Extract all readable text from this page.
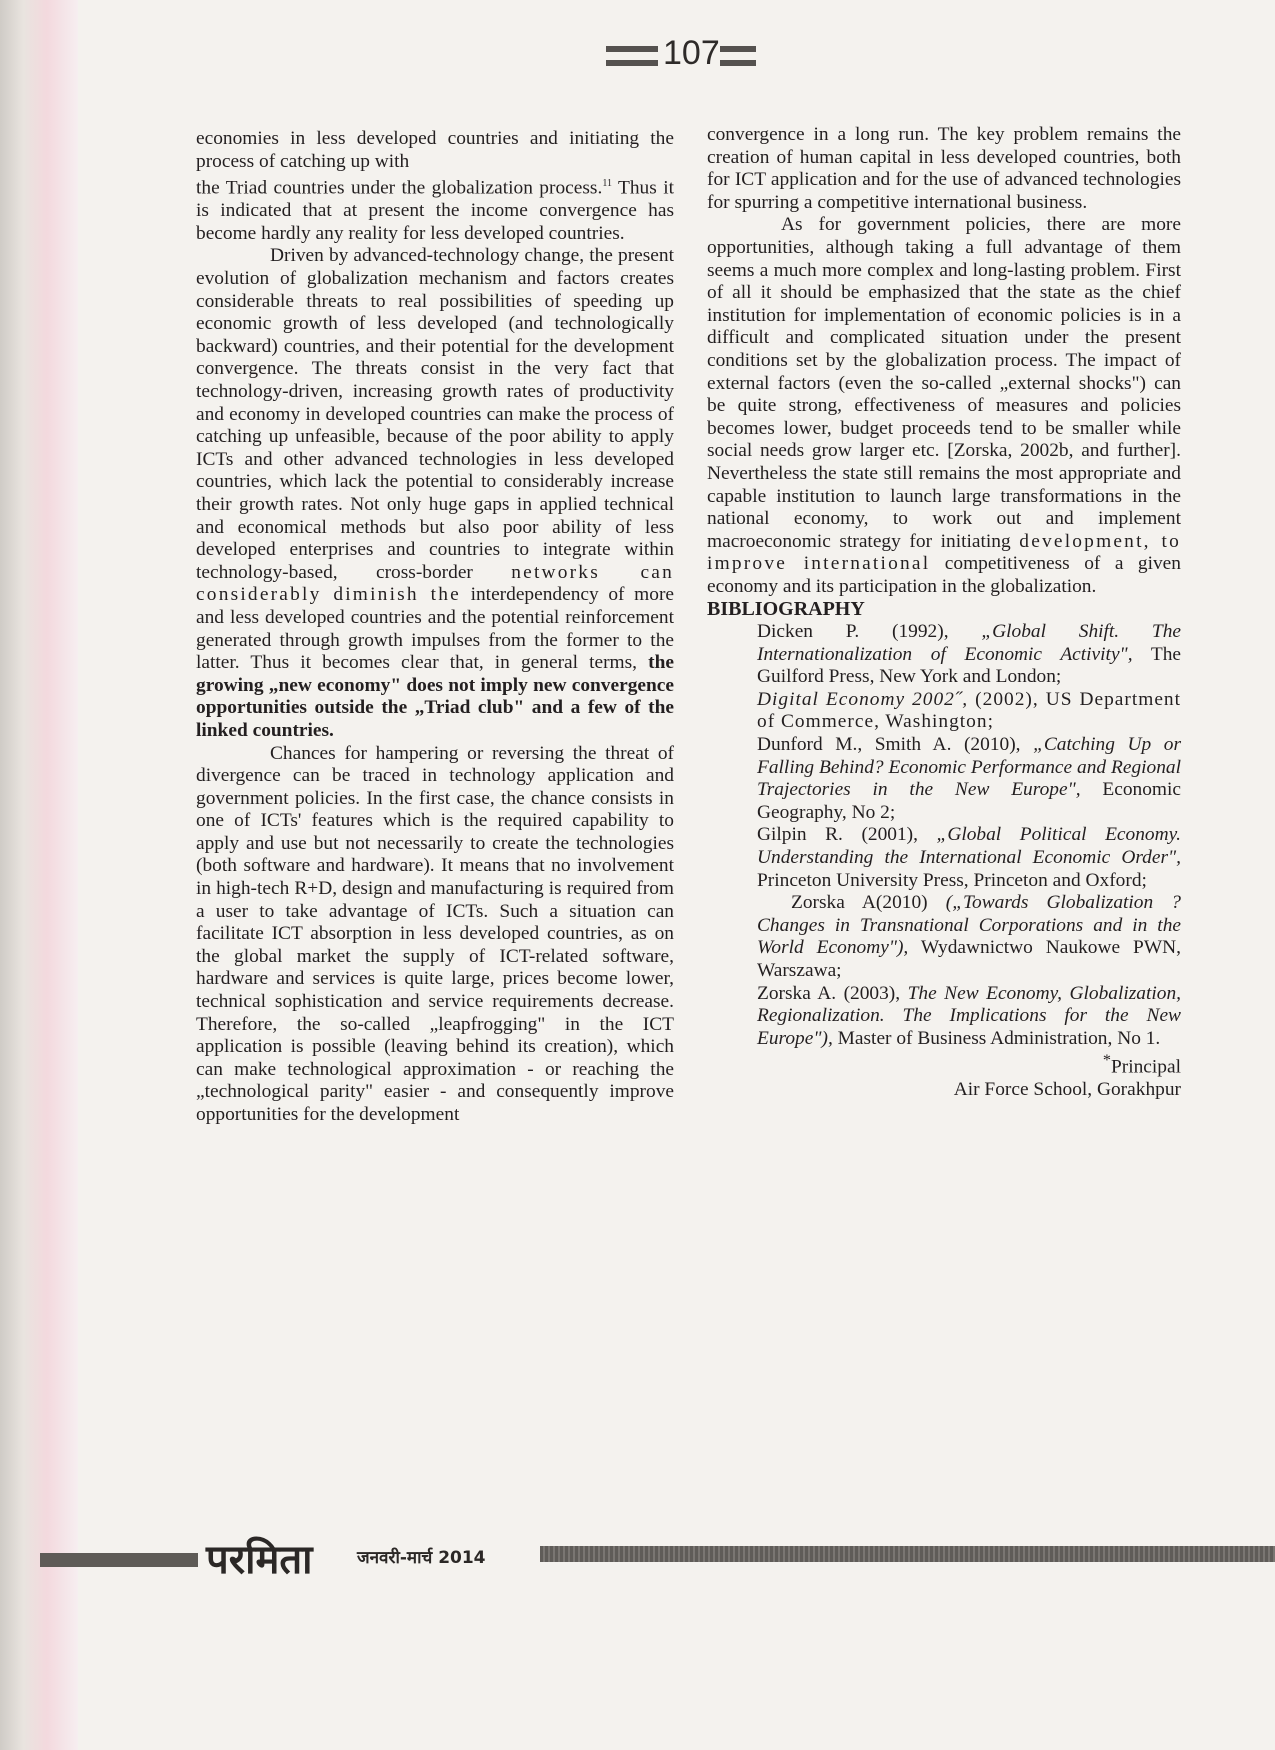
107

economies in less developed countries and initiating the process of catching up with

the Triad countries under the globalization process.$^{11}$ Thus it is indicated that at present the income convergence has become hardly any reality for less developed countries.

Driven by advanced-technology change, the present evolution of globalization mechanism and factors creates considerable threats to real possibilities of speeding up economic growth of less developed (and technologically backward) countries, and their potential for the development convergence. The threats consist in the very fact that technology-driven, increasing growth rates of productivity and economy in developed countries can make the process of catching up unfeasible, because of the poor ability to apply ICTs and other advanced technologies in less developed countries, which lack the potential to considerably increase their growth rates. Not only huge gaps in applied technical and economical methods but also poor ability of less developed enterprises and countries to integrate within technology-based, cross-border networks can considerably diminish the interdependency of more and less developed countries and the potential reinforcement generated through growth impulses from the former to the latter. Thus it becomes clear that, in general terms, the growing „new economy" does not imply new convergence opportunities outside the „Triad club" and a few of the linked countries.

Chances for hampering or reversing the threat of divergence can be traced in technology application and government policies. In the first case, the chance consists in one of ICTs' features which is the required capability to apply and use but not necessarily to create the technologies (both software and hardware). It means that no involvement in high-tech R+D, design and manufacturing is required from a user to take advantage of ICTs. Such a situation can facilitate ICT absorption in less developed countries, as on the global market the supply of ICT-related software, hardware and services is quite large, prices become lower, technical sophistication and service requirements decrease. Therefore, the so-called „leapfrogging" in the ICT application is possible (leaving behind its creation), which can make technological approximation - or reaching the „technological parity" easier - and consequently improve opportunities for the development

convergence in a long run. The key problem remains the creation of human capital in less developed countries, both for ICT application and for the use of advanced technologies for spurring a competitive international business.

As for government policies, there are more opportunities, although taking a full advantage of them seems a much more complex and long-lasting problem. First of all it should be emphasized that the state as the chief institution for implementation of economic policies is in a difficult and complicated situation under the present conditions set by the globalization process. The impact of external factors (even the so-called „external shocks") can be quite strong, effectiveness of measures and policies becomes lower, budget proceeds tend to be smaller while social needs grow larger etc. [Zorska, 2002b, and further]. Nevertheless the state still remains the most appropriate and capable institution to launch large transformations in the national economy, to work out and implement macroeconomic strategy for initiating development, to improve international competitiveness of a given economy and its participation in the globalization.

BIBLIOGRAPHY

Dicken P. (1992), „Global Shift. The Internationalization of Economic Activity", The Guilford Press, New York and London;

Digital Economy 2002˝, (2002), US Department of Commerce, Washington;

Dunford M., Smith A. (2010), „Catching Up or Falling Behind? Economic Performance and Regional Trajectories in the New Europe", Economic Geography, No 2;

Gilpin R. (2001), „Global Political Economy. Understanding the International Economic Order", Princeton University Press, Princeton and Oxford;

Zorska A(2010) („Towards Globalization ? Changes in Transnational Corporations and in the World Economy"), Wydawnictwo Naukowe PWN, Warszawa;

Zorska A. (2003), The New Economy, Globalization, Regionalization. The Implications for the New Europe"), Master of Business Administration, No 1.

*Principal
Air Force School, Gorakhpur

परमिता	जनवरी-मार्च 2014
